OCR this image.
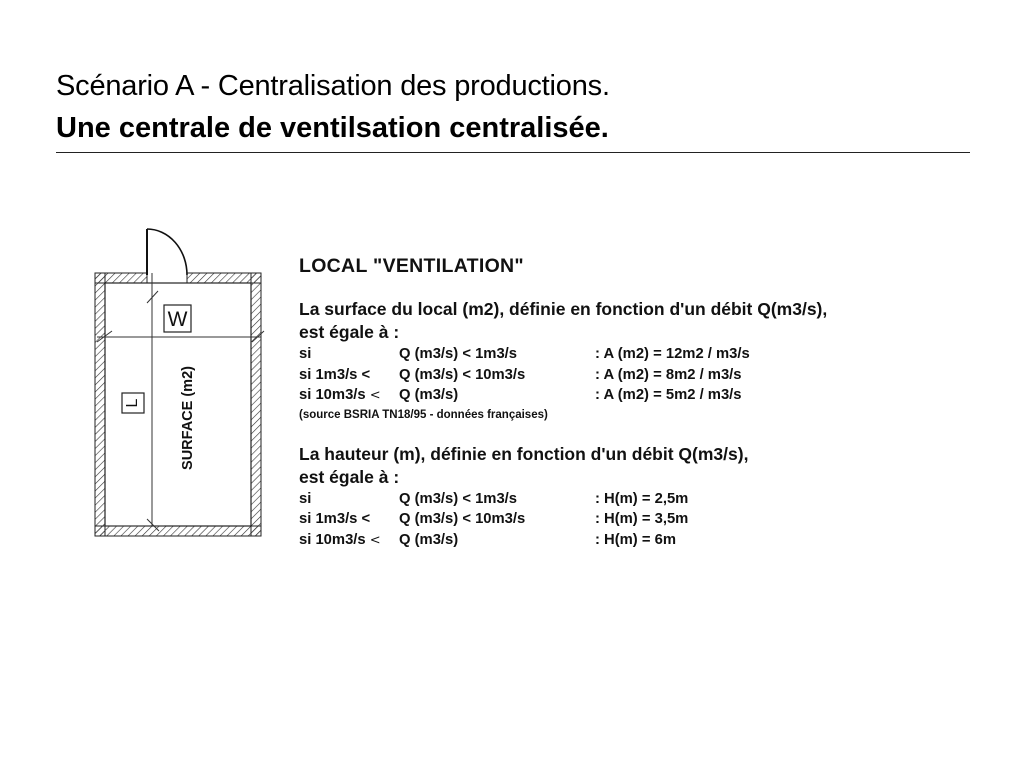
Scénario A - Centralisation des productions.
Une centrale de ventilsation centralisée.
W
L	SURFACE (m2)
LOCAL "VENTILATION"
La surface du local (m2), définie en fonction d'un débit Q(m3/s),
est égale à :
si	Q (m3/s) < 1m3/s	: A (m2) = 12m2 / m3/s
si 1m3/s <	Q (m3/s) < 10m3/s	: A (m2) = 8m2 / m3/s
si 10m3/s <	Q (m3/s)	: A (m2) = 5m2 / m3/s
(source BSRIA TN18/95 - données françaises)
La hauteur (m), définie en fonction d'un débit Q(m3/s),
est égale à :
si	Q (m3/s) < 1m3/s	: H(m) = 2,5m
si 1m3/s <	Q (m3/s) < 10m3/s	: H(m) = 3,5m
si 10m3/s <	Q (m3/s)	: H(m) = 6m
